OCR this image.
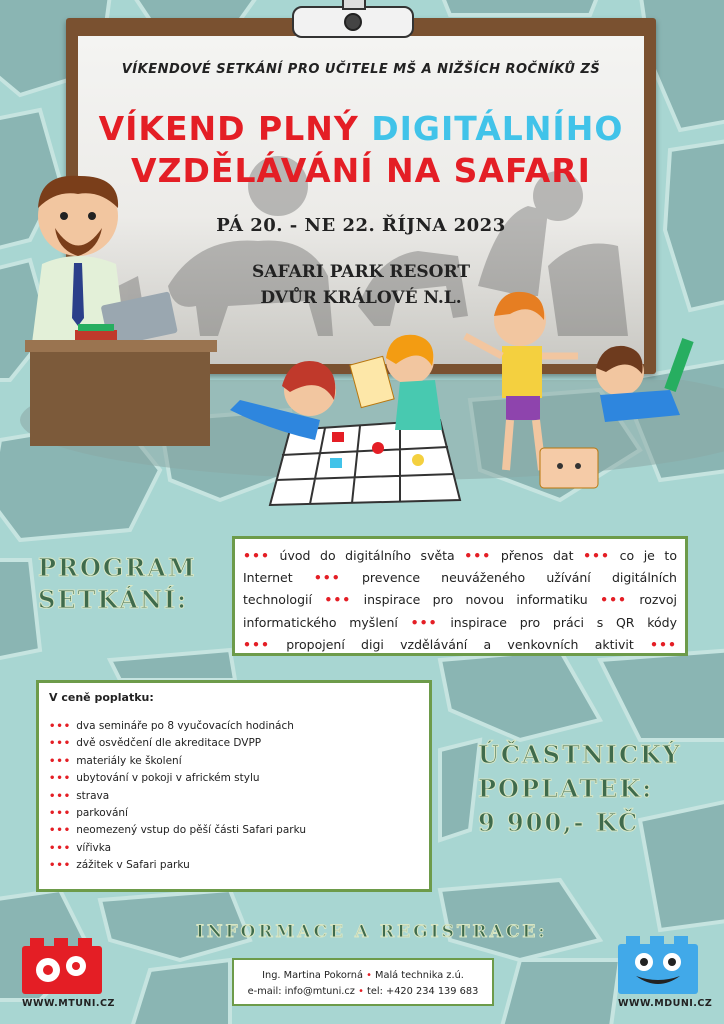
VÍKENDOVÉ SETKÁNÍ PRO UČITELE MŠ A NIŽŠÍCH ROČNÍKŮ ZŠ
VÍKEND PLNÝ DIGITÁLNÍHO
VZDĚLÁVÁNÍ NA SAFARI
PÁ 20. - NE 22. ŘÍJNA 2023
SAFARI PARK RESORT
DVŮR KRÁLOVÉ N.L.
PROGRAM
SETKÁNÍ:
••• úvod do digitálního světa ••• přenos dat ••• co je to
Internet ••• prevence neuváženého užívání digitálních
technologií ••• inspirace pro novou informatiku ••• rozvoj
informatického myšlení ••• inspirace pro práci s QR kódy
••• propojení digi vzdělávání a venkovních aktivit •••
V ceně poplatku:
••• dva semináře po 8 vyučovacích hodinách
••• dvě osvědčení dle akreditace DVPP
••• materiály ke školení
••• ubytování v pokoji v africkém stylu
••• strava
••• parkování
••• neomezený vstup do pěší části Safari parku
••• vířivka
••• zážitek v Safari parku
ÚČASTNICKÝ
POPLATEK:
9 900,- KČ
INFORMACE A REGISTRACE:
Ing. Martina Pokorná • Malá technika z.ú.
e-mail: info@mtuni.cz • tel: +420 234 139 683
WWW.MTUNI.CZ	WWW.MDUNI.CZ
